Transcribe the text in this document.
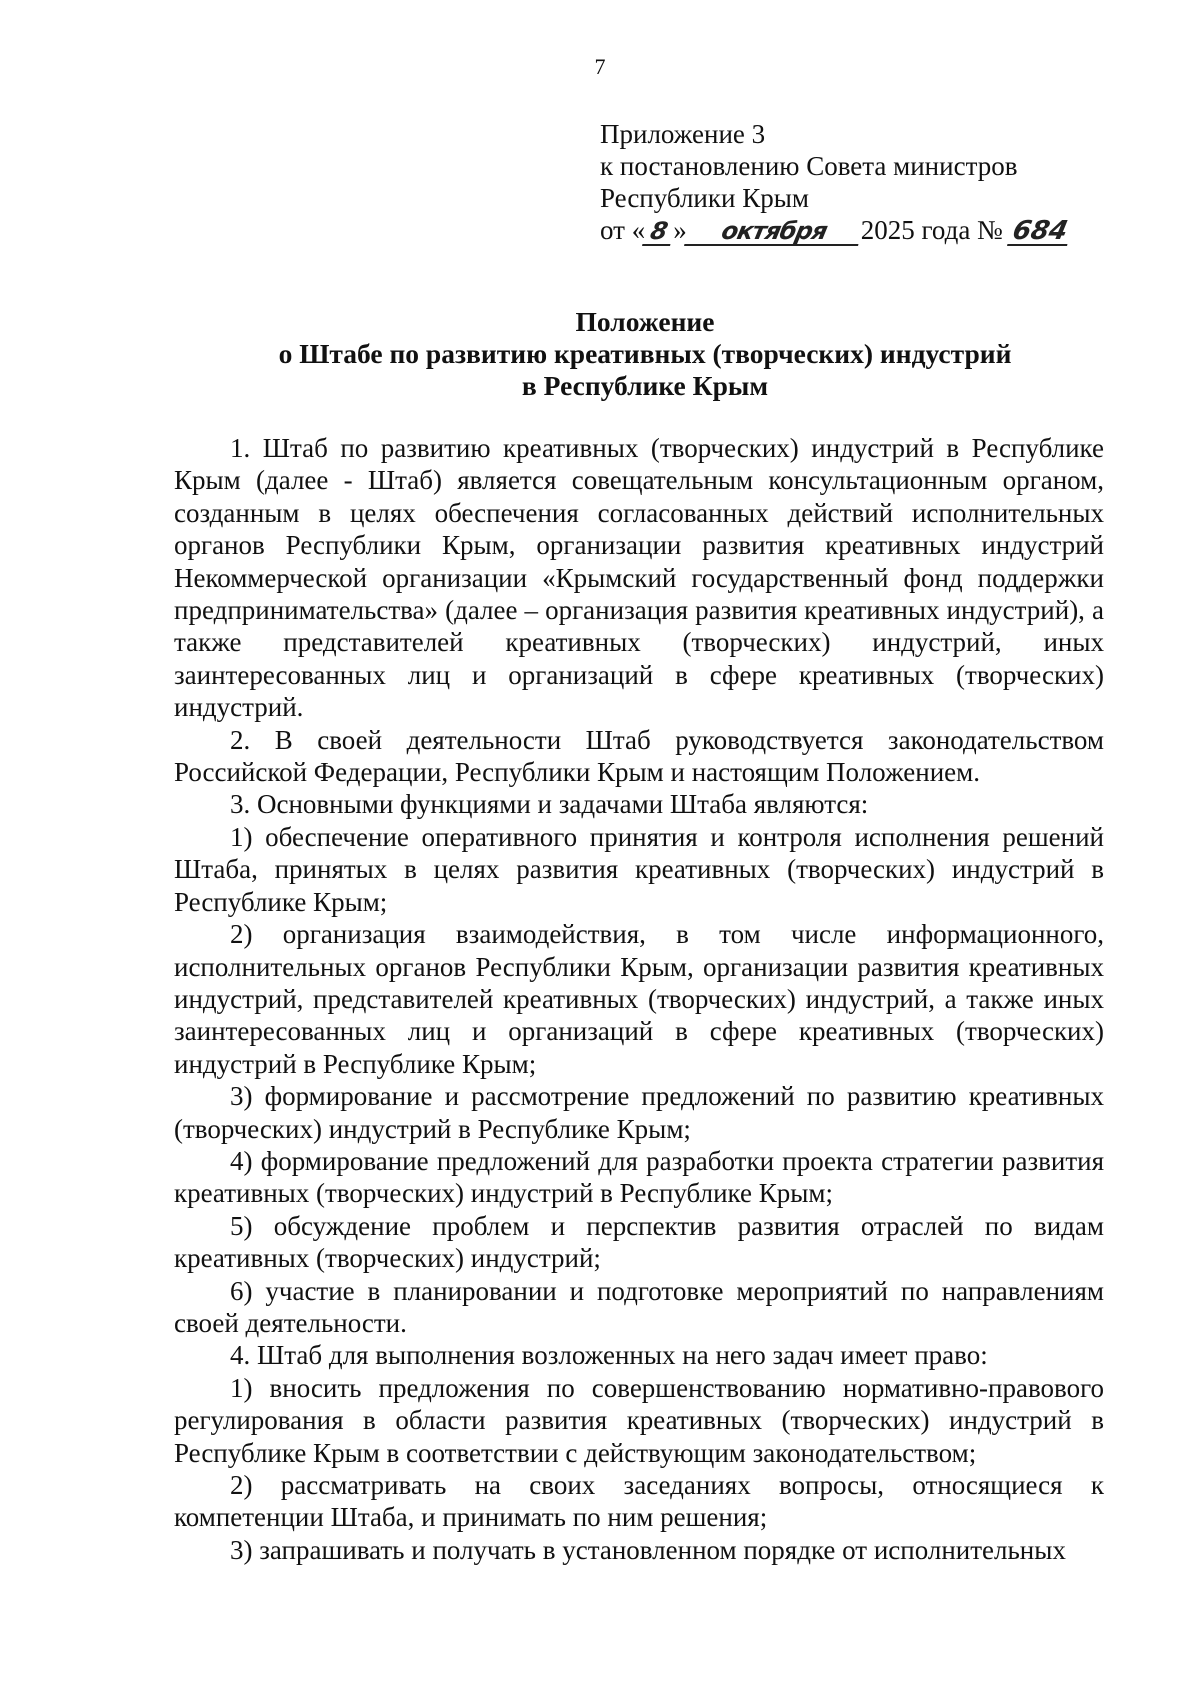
7
Приложение 3
к постановлению Совета министров
Республики Крым
от « 8» октября 2025 года № 684
Положение
о Штабе по развитию креативных (творческих) индустрий
в Республике Крым

1. Штаб по развитию креативных (творческих) индустрий в Республике Крым (далее - Штаб) является совещательным консультационным органом, созданным в целях обеспечения согласованных действий исполнительных органов Республики Крым, организации развития креативных индустрий Некоммерческой организации «Крымский государственный фонд поддержки предпринимательства» (далее – организация развития креативных индустрий), а также представителей креативных (творческих) индустрий, иных заинтересованных лиц и организаций в сфере креативных (творческих) индустрий.

2. В своей деятельности Штаб руководствуется законодательством Российской Федерации, Республики Крым и настоящим Положением.

3. Основными функциями и задачами Штаба являются:

1) обеспечение оперативного принятия и контроля исполнения решений Штаба, принятых в целях развития креативных (творческих) индустрий в Республике Крым;

2) организация взаимодействия, в том числе информационного, исполнительных органов Республики Крым, организации развития креативных индустрий, представителей креативных (творческих) индустрий, а также иных заинтересованных лиц и организаций в сфере креативных (творческих) индустрий в Республике Крым;

3) формирование и рассмотрение предложений по развитию креативных (творческих) индустрий в Республике Крым;

4) формирование предложений для разработки проекта стратегии развития креативных (творческих) индустрий в Республике Крым;

5) обсуждение проблем и перспектив развития отраслей по видам креативных (творческих) индустрий;

6) участие в планировании и подготовке мероприятий по направлениям своей деятельности.

4. Штаб для выполнения возложенных на него задач имеет право:

1) вносить предложения по совершенствованию нормативно-правового регулирования в области развития креативных (творческих) индустрий в Республике Крым в соответствии с действующим законодательством;

2) рассматривать на своих заседаниях вопросы, относящиеся к компетенции Штаба, и принимать по ним решения;

3) запрашивать и получать в установленном порядке от исполнительных
